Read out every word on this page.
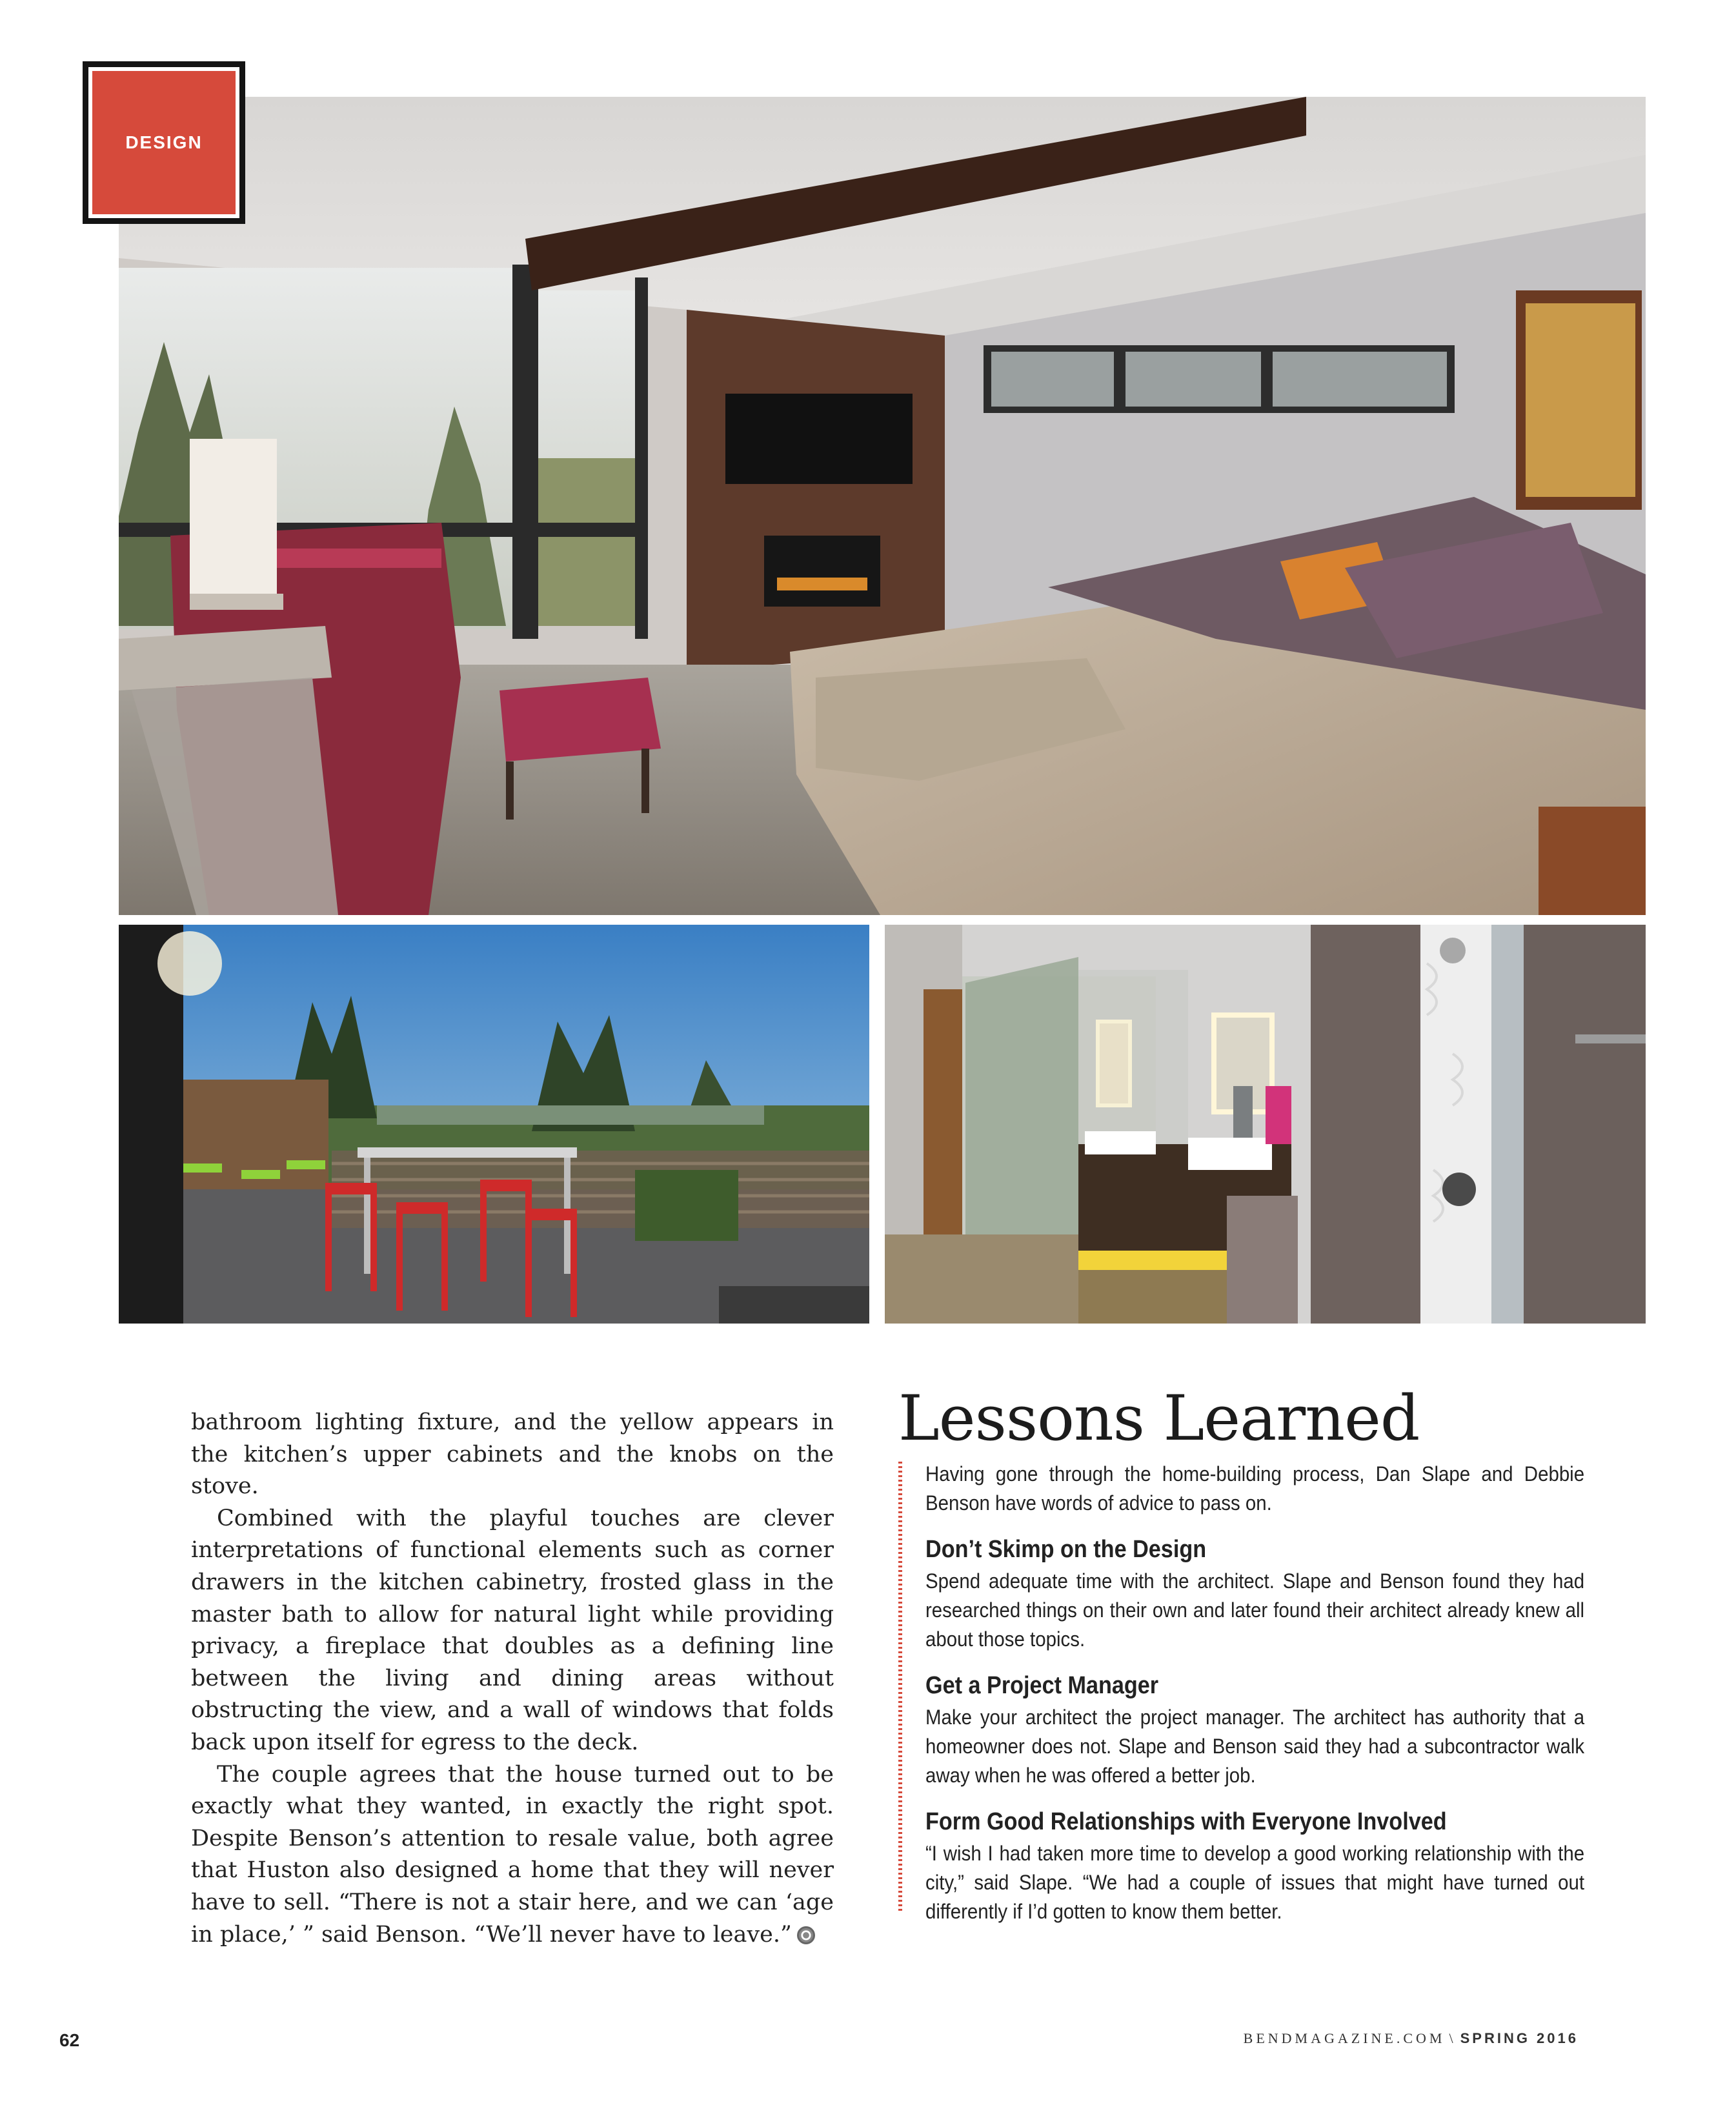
DESIGN

bathroom lighting fixture, and the yellow appears in the kitchen’s upper cabinets and the knobs on the stove.

Combined with the playful touches are clever interpretations of functional elements such as corner drawers in the kitchen cabinetry, frosted glass in the master bath to allow for natural light while providing privacy, a fireplace that doubles as a defining line between the living and dining areas without obstructing the view, and a wall of windows that folds back upon itself for egress to the deck.

The couple agrees that the house turned out to be exactly what they wanted, in exactly the right spot. Despite Benson’s attention to resale value, both agree that Huston also designed a home that they will never have to sell. “There is not a stair here, and we can ‘age in place,’ ” said Benson. “We’ll never have to leave.”

Lessons Learned

Having gone through the home-building process, Dan Slape and Debbie Benson have words of advice to pass on.

Don’t Skimp on the Design

Spend adequate time with the architect. Slape and Benson found they had researched things on their own and later found their architect already knew all about those topics.

Get a Project Manager

Make your architect the project manager. The architect has authority that a homeowner does not. Slape and Benson said they had a subcontractor walk away when he was offered a better job.

Form Good Relationships with Everyone Involved

“I wish I had taken more time to develop a good working relationship with the city,” said Slape. “We had a couple of issues that might have turned out differently if I’d gotten to know them better.

62	BENDMAGAZINE.COM \ SPRING 2016
